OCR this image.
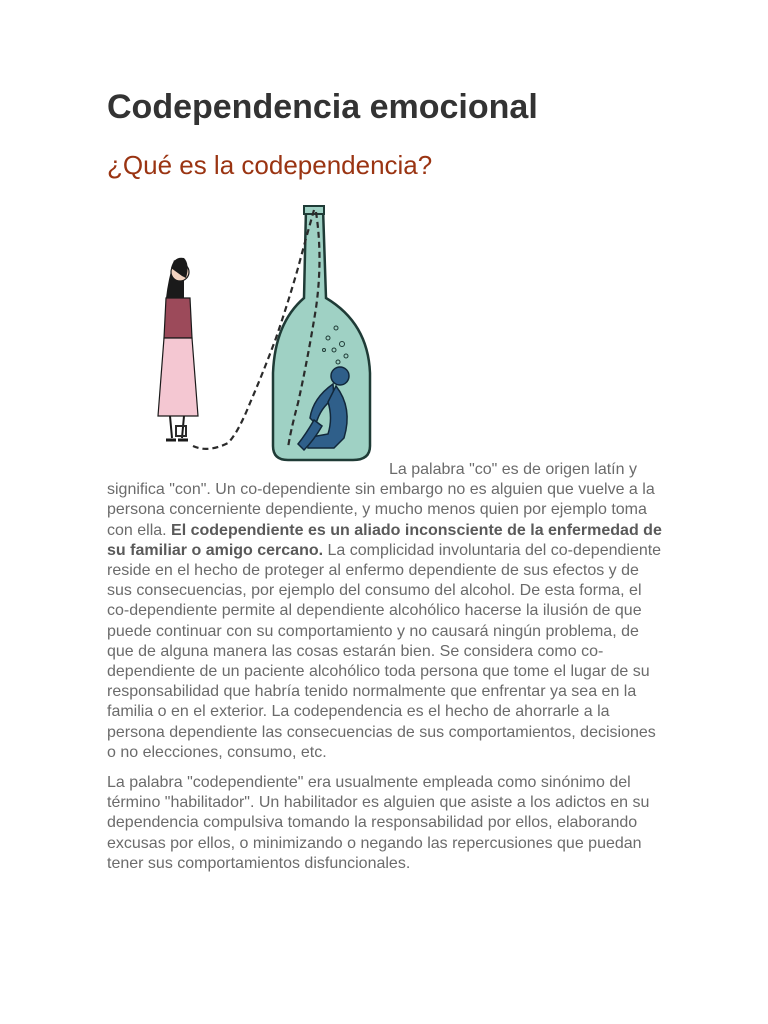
Codependencia emocional
¿Qué es la codependencia?

La palabra "co" es de origen latín y
significa "con". Un co-dependiente sin embargo no es alguien que vuelve a la persona concerniente dependiente, y mucho menos quien por ejemplo toma con ella. El codependiente es un aliado inconsciente de la enfermedad de su familiar o amigo cercano. La complicidad involuntaria del co-dependiente reside en el hecho de proteger al enfermo dependiente de sus efectos y de sus consecuencias, por ejemplo del consumo del alcohol. De esta forma, el co-dependiente permite al dependiente alcohólico hacerse la ilusión de que puede continuar con su comportamiento y no causará ningún problema, de que de alguna manera las cosas estarán bien. Se considera como co-dependiente de un paciente alcohólico toda persona que tome el lugar de su responsabilidad que habría tenido normalmente que enfrentar ya sea en la familia o en el exterior. La codependencia es el hecho de ahorrarle a la persona dependiente las consecuencias de sus comportamientos, decisiones o no elecciones, consumo, etc.

La palabra "codependiente" era usualmente empleada como sinónimo del término "habilitador". Un habilitador es alguien que asiste a los adictos en su dependencia compulsiva tomando la responsabilidad por ellos, elaborando excusas por ellos, o minimizando o negando las repercusiones que puedan tener sus comportamientos disfuncionales.
